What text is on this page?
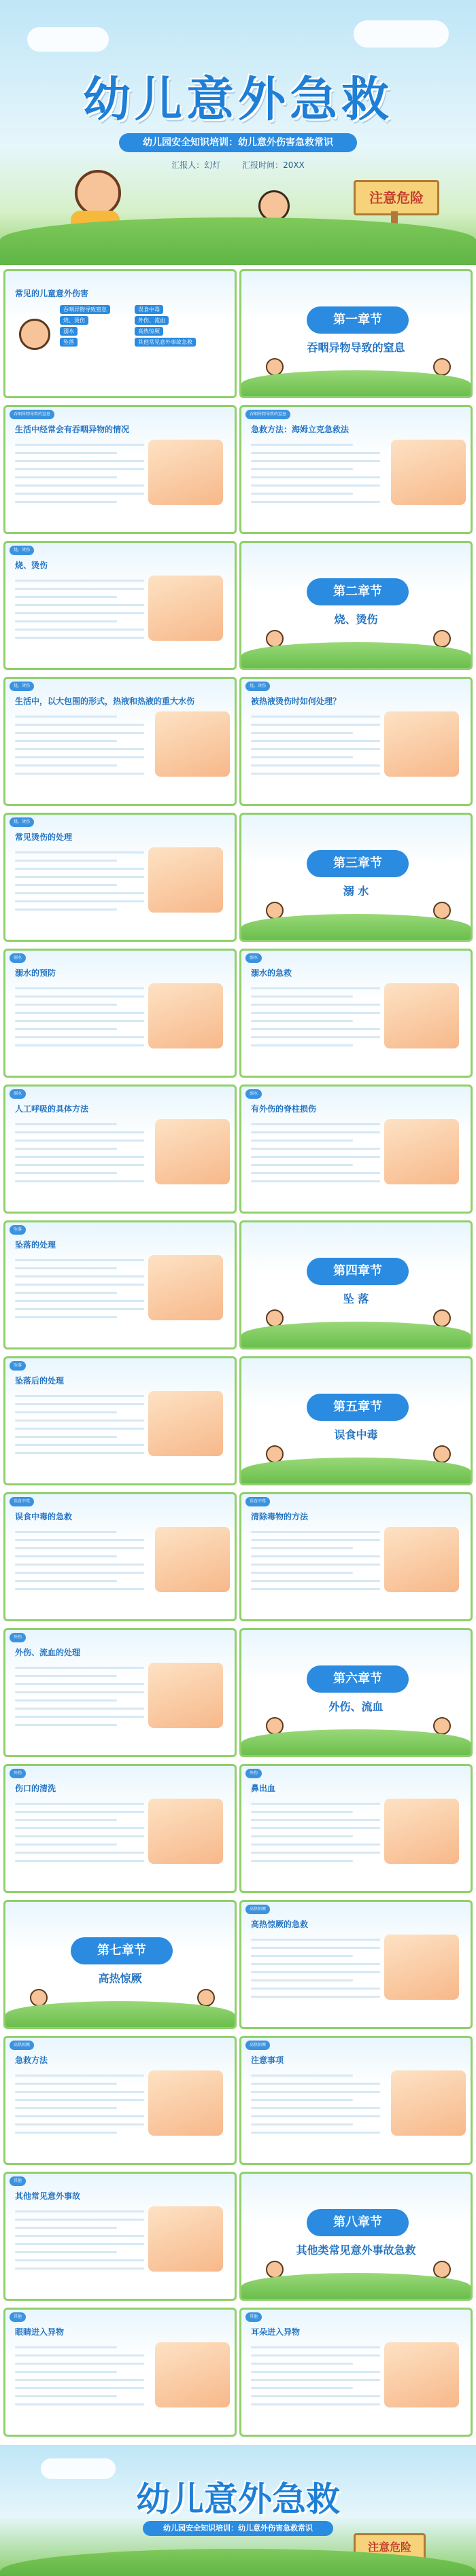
幼儿意外急救
幼儿园安全知识培训：幼儿意外伤害急救常识
汇报人：幻灯	汇报时间：20XX
注意危险
常见的儿童意外伤害
吞咽异物导致窒息
烧、烫伤
溺水
坠落
误食中毒
外伤、流血
高热惊厥
其他常见意外事故急救
第一章节
吞咽异物导致的窒息
吞咽异物导致的窒息
生活中经常会有吞咽异物的情况
吞咽异物导致的窒息
急救方法：海姆立克急救法
烧、烫伤
烧、烫伤
第二章节
烧、烫伤
烧、烫伤
生活中，以大包围的形式，热液和热液的重大水伤
烧、烫伤
被热液烫伤时如何处理？
烧、烫伤
常见烫伤的处理
第三章节
溺 水
溺水
溺水的预防
溺水
溺水的急救
溺水
人工呼吸的具体方法
溺水
有外伤的脊柱损伤
坠落
坠落的处理
第四章节
坠 落
坠落
坠落后的处理
第五章节
误食中毒
误食中毒
误食中毒的急救
误食中毒
清除毒物的方法
外伤
外伤、流血的处理
第六章节
外伤、流血
外伤
伤口的清洗
外伤
鼻出血
第七章节
高热惊厥
高热惊厥
高热惊厥的急救
高热惊厥
急救方法
高热惊厥
注意事项
其他
其他常见意外事故
第八章节
其他类常见意外事故急救
其他
眼睛进入异物
其他
耳朵进入异物
幼儿意外急救
幼儿园安全知识培训：幼儿意外伤害急救常识
注意危险
